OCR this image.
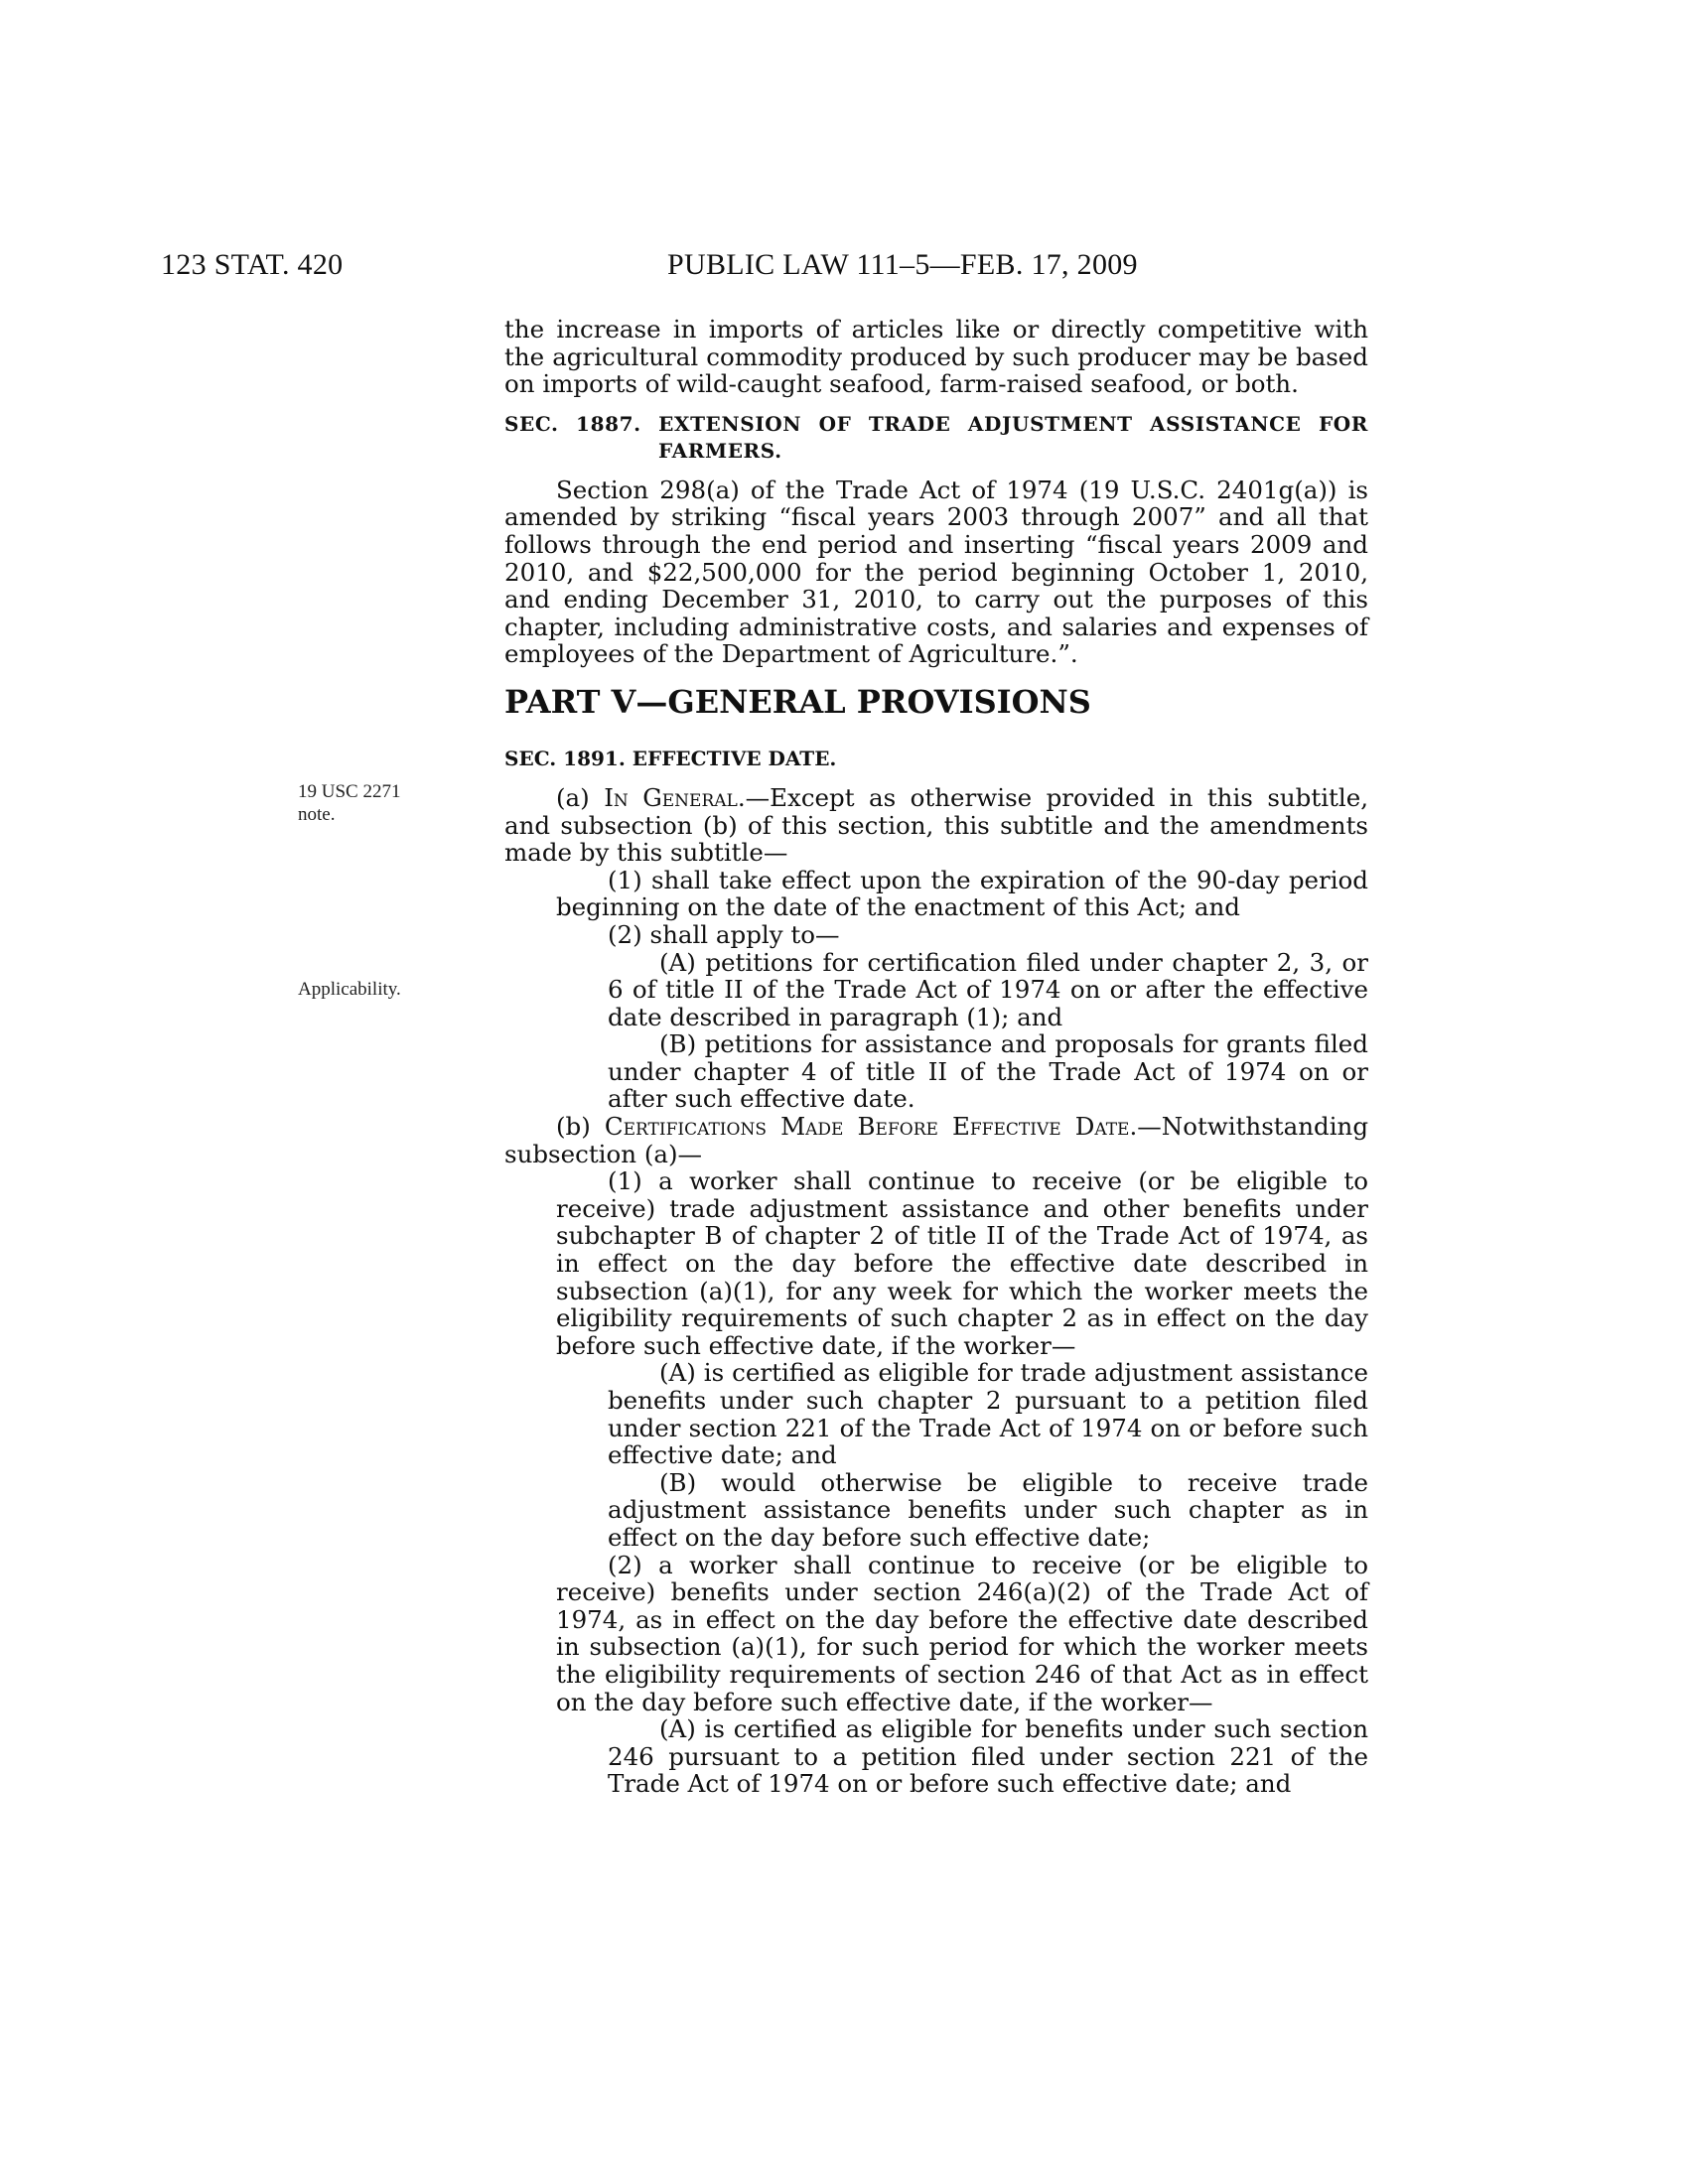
123 STAT. 420	PUBLIC LAW 111–5—FEB. 17, 2009
19 USC 2271
note.
Applicability.

the increase in imports of articles like or directly competitive with the agricultural commodity produced by such producer may be based on imports of wild-caught seafood, farm-raised seafood, or both.

SEC. 1887. EXTENSION OF TRADE ADJUSTMENT ASSISTANCE FOR FARMERS.

Section 298(a) of the Trade Act of 1974 (19 U.S.C. 2401g(a)) is amended by striking “fiscal years 2003 through 2007” and all that follows through the end period and inserting “fiscal years 2009 and 2010, and $22,500,000 for the period beginning October 1, 2010, and ending December 31, 2010, to carry out the purposes of this chapter, including administrative costs, and salaries and expenses of employees of the Department of Agriculture.”.

PART V—GENERAL PROVISIONS

SEC. 1891. EFFECTIVE DATE.

(a) In General.—Except as otherwise provided in this subtitle, and subsection (b) of this section, this subtitle and the amendments made by this subtitle—

(1) shall take effect upon the expiration of the 90-day period beginning on the date of the enactment of this Act; and

(2) shall apply to—

(A) petitions for certification filed under chapter 2, 3, or 6 of title II of the Trade Act of 1974 on or after the effective date described in paragraph (1); and

(B) petitions for assistance and proposals for grants filed under chapter 4 of title II of the Trade Act of 1974 on or after such effective date.

(b) Certifications Made Before Effective Date.—Notwithstanding subsection (a)—

(1) a worker shall continue to receive (or be eligible to receive) trade adjustment assistance and other benefits under subchapter B of chapter 2 of title II of the Trade Act of 1974, as in effect on the day before the effective date described in subsection (a)(1), for any week for which the worker meets the eligibility requirements of such chapter 2 as in effect on the day before such effective date, if the worker—

(A) is certified as eligible for trade adjustment assistance benefits under such chapter 2 pursuant to a petition filed under section 221 of the Trade Act of 1974 on or before such effective date; and

(B) would otherwise be eligible to receive trade adjustment assistance benefits under such chapter as in effect on the day before such effective date;

(2) a worker shall continue to receive (or be eligible to receive) benefits under section 246(a)(2) of the Trade Act of 1974, as in effect on the day before the effective date described in subsection (a)(1), for such period for which the worker meets the eligibility requirements of section 246 of that Act as in effect on the day before such effective date, if the worker—

(A) is certified as eligible for benefits under such section 246 pursuant to a petition filed under section 221 of the Trade Act of 1974 on or before such effective date; and
